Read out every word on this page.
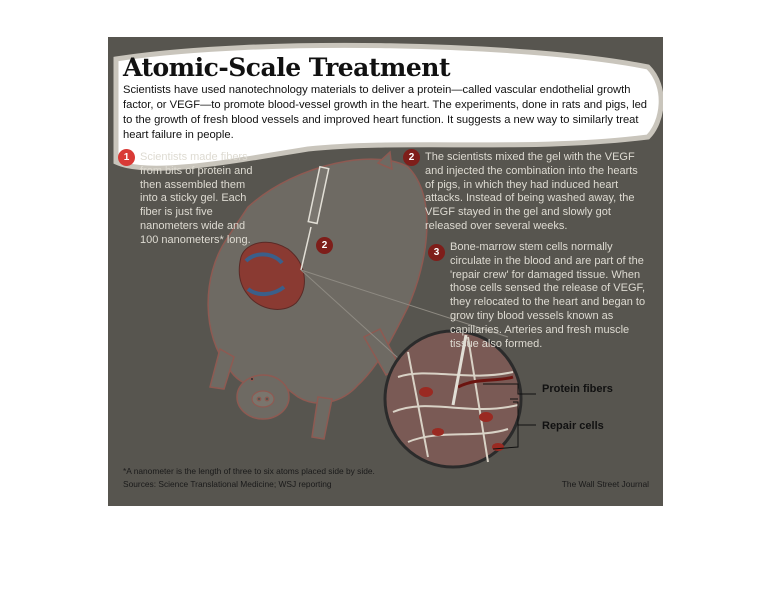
Atomic-Scale Treatment

Scientists have used nanotechnology materials to deliver a protein—called vascular endothelial growth factor, or VEGF—to promote blood-vessel growth in the heart. The experiments, done in rats and pigs, led to the growth of fresh blood vessels and improved heart function. It suggests a new way to similarly treat heart failure in people.

1 Scientists made fibers from bits of protein and then assembled them into a sticky gel. Each fiber is just five nanometers wide and 100 nanometers* long.

2 The scientists mixed the gel with the VEGF and injected the combination into the hearts of pigs, in which they had induced heart attacks. Instead of being washed away, the VEGF stayed in the gel and slowly got released over several weeks.

3 Bone-marrow stem cells normally circulate in the blood and are part of the 'repair crew' for damaged tissue. When those cells sensed the release of VEGF, they relocated to the heart and began to grow tiny blood vessels known as capillaries. Arteries and fresh muscle tissue also formed.

2
Protein fibers
Repair cells
*A nanometer is the length of three to six atoms placed side by side.
Sources: Science Translational Medicine; WSJ reporting	The Wall Street Journal
